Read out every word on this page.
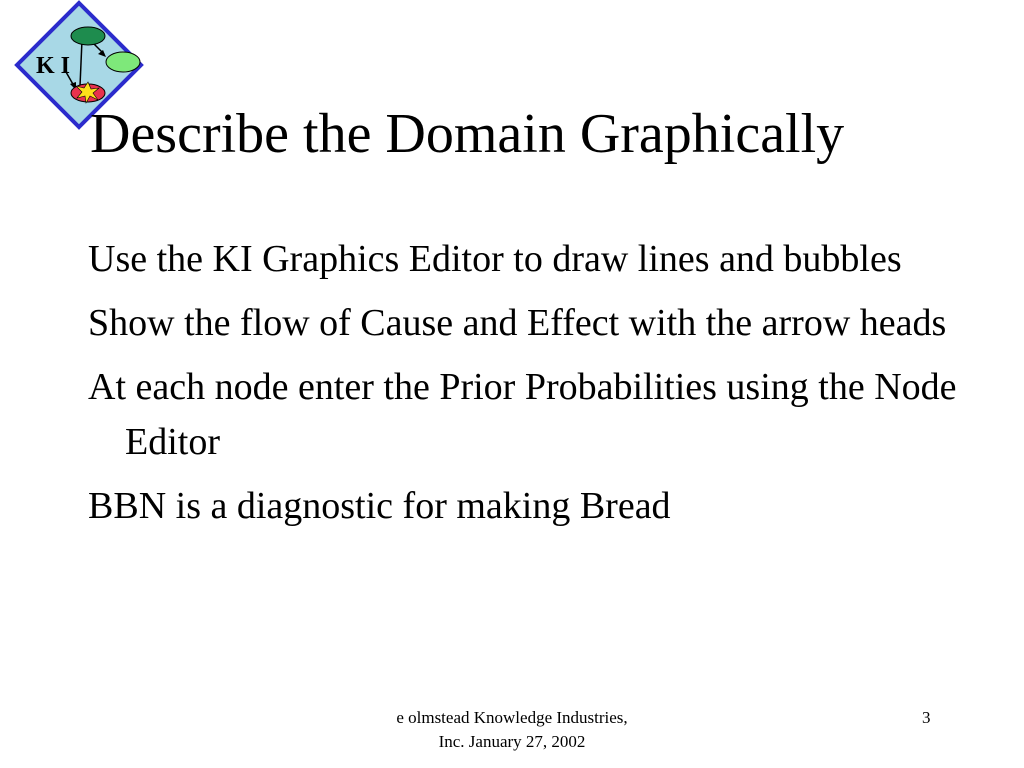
K I
Describe the Domain Graphically
Use the KI Graphics Editor to draw lines and bubbles
Show the flow of Cause and Effect with the arrow heads
At each node enter the Prior Probabilities using the Node Editor
BBN is a diagnostic for making Bread
e olmstead Knowledge Industries,
Inc. January 27, 2002
3
